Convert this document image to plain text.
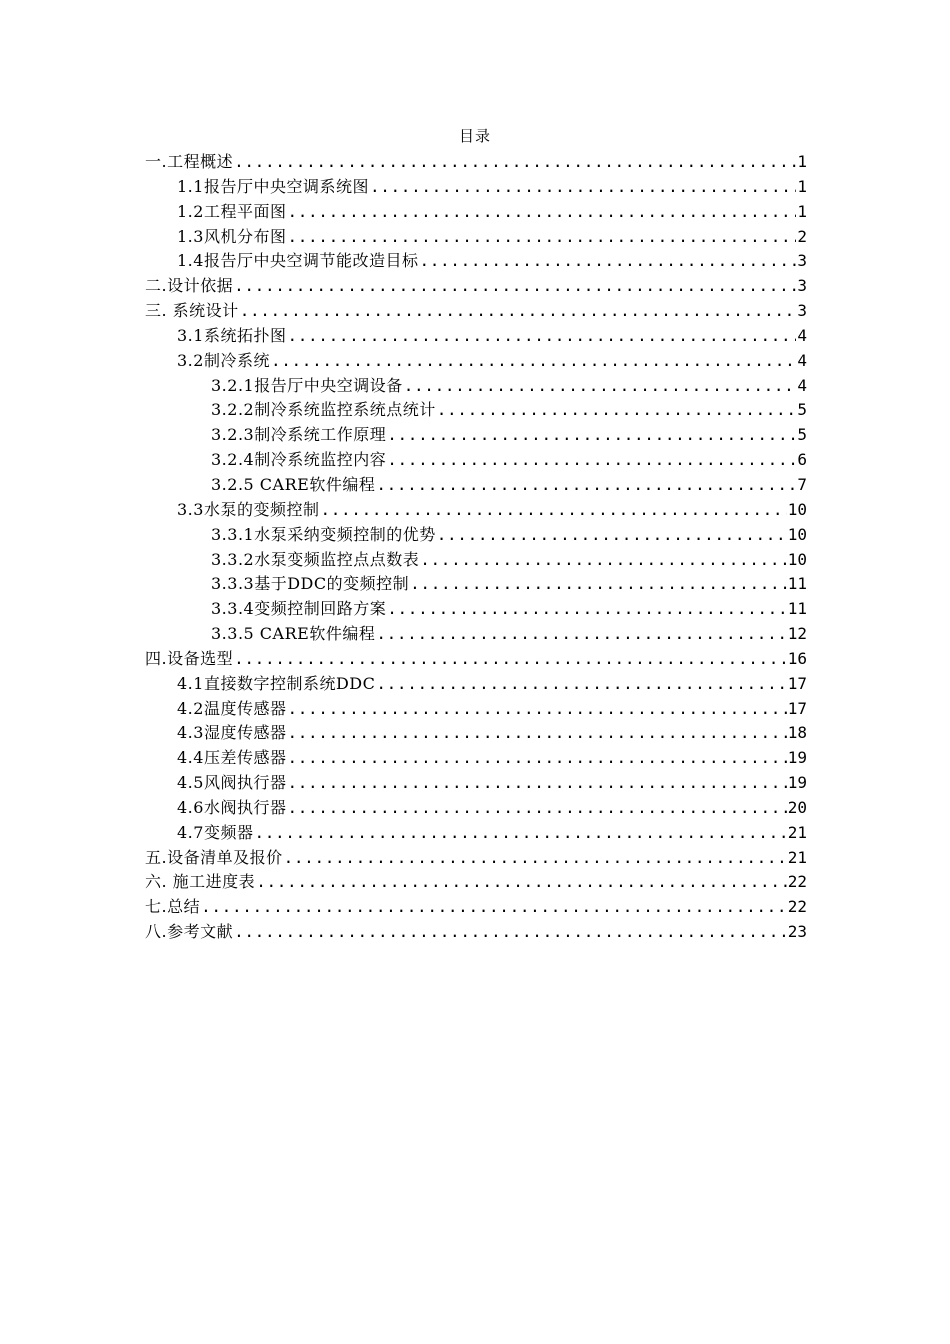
目录
一.工程概述 .....	1
1.1报告厅中央空调系统图 .....	1
1.2工程平面图 .....	1
1.3风机分布图 .....	2
1.4报告厅中央空调节能改造目标 .....	3
二.设计依据 .....	3
三. 系统设计 .....	3
3.1系统拓扑图 .....	4
3.2制冷系统 .....	4
3.2.1报告厅中央空调设备 .....	4
3.2.2制冷系统监控系统点统计 .....	5
3.2.3制冷系统工作原理 .....	5
3.2.4制冷系统监控内容 .....	6
3.2.5 CARE软件编程 .....	7
3.3水泵的变频控制 .....	10
3.3.1水泵采纳变频控制的优势 .....	10
3.3.2水泵变频监控点点数表 .....	10
3.3.3基于DDC的变频控制 .....	11
3.3.4变频控制回路方案 .....	11
3.3.5 CARE软件编程 .....	12
四.设备选型 .....	16
4.1直接数字控制系统DDC .....	17
4.2温度传感器 .....	17
4.3湿度传感器 .....	18
4.4压差传感器 .....	19
4.5风阀执行器 .....	19
4.6水阀执行器 .....	20
4.7变频器 .....	21
五.设备清单及报价 .....	21
六. 施工进度表 .....	22
七.总结 .....	22
八.参考文献 .....	23
